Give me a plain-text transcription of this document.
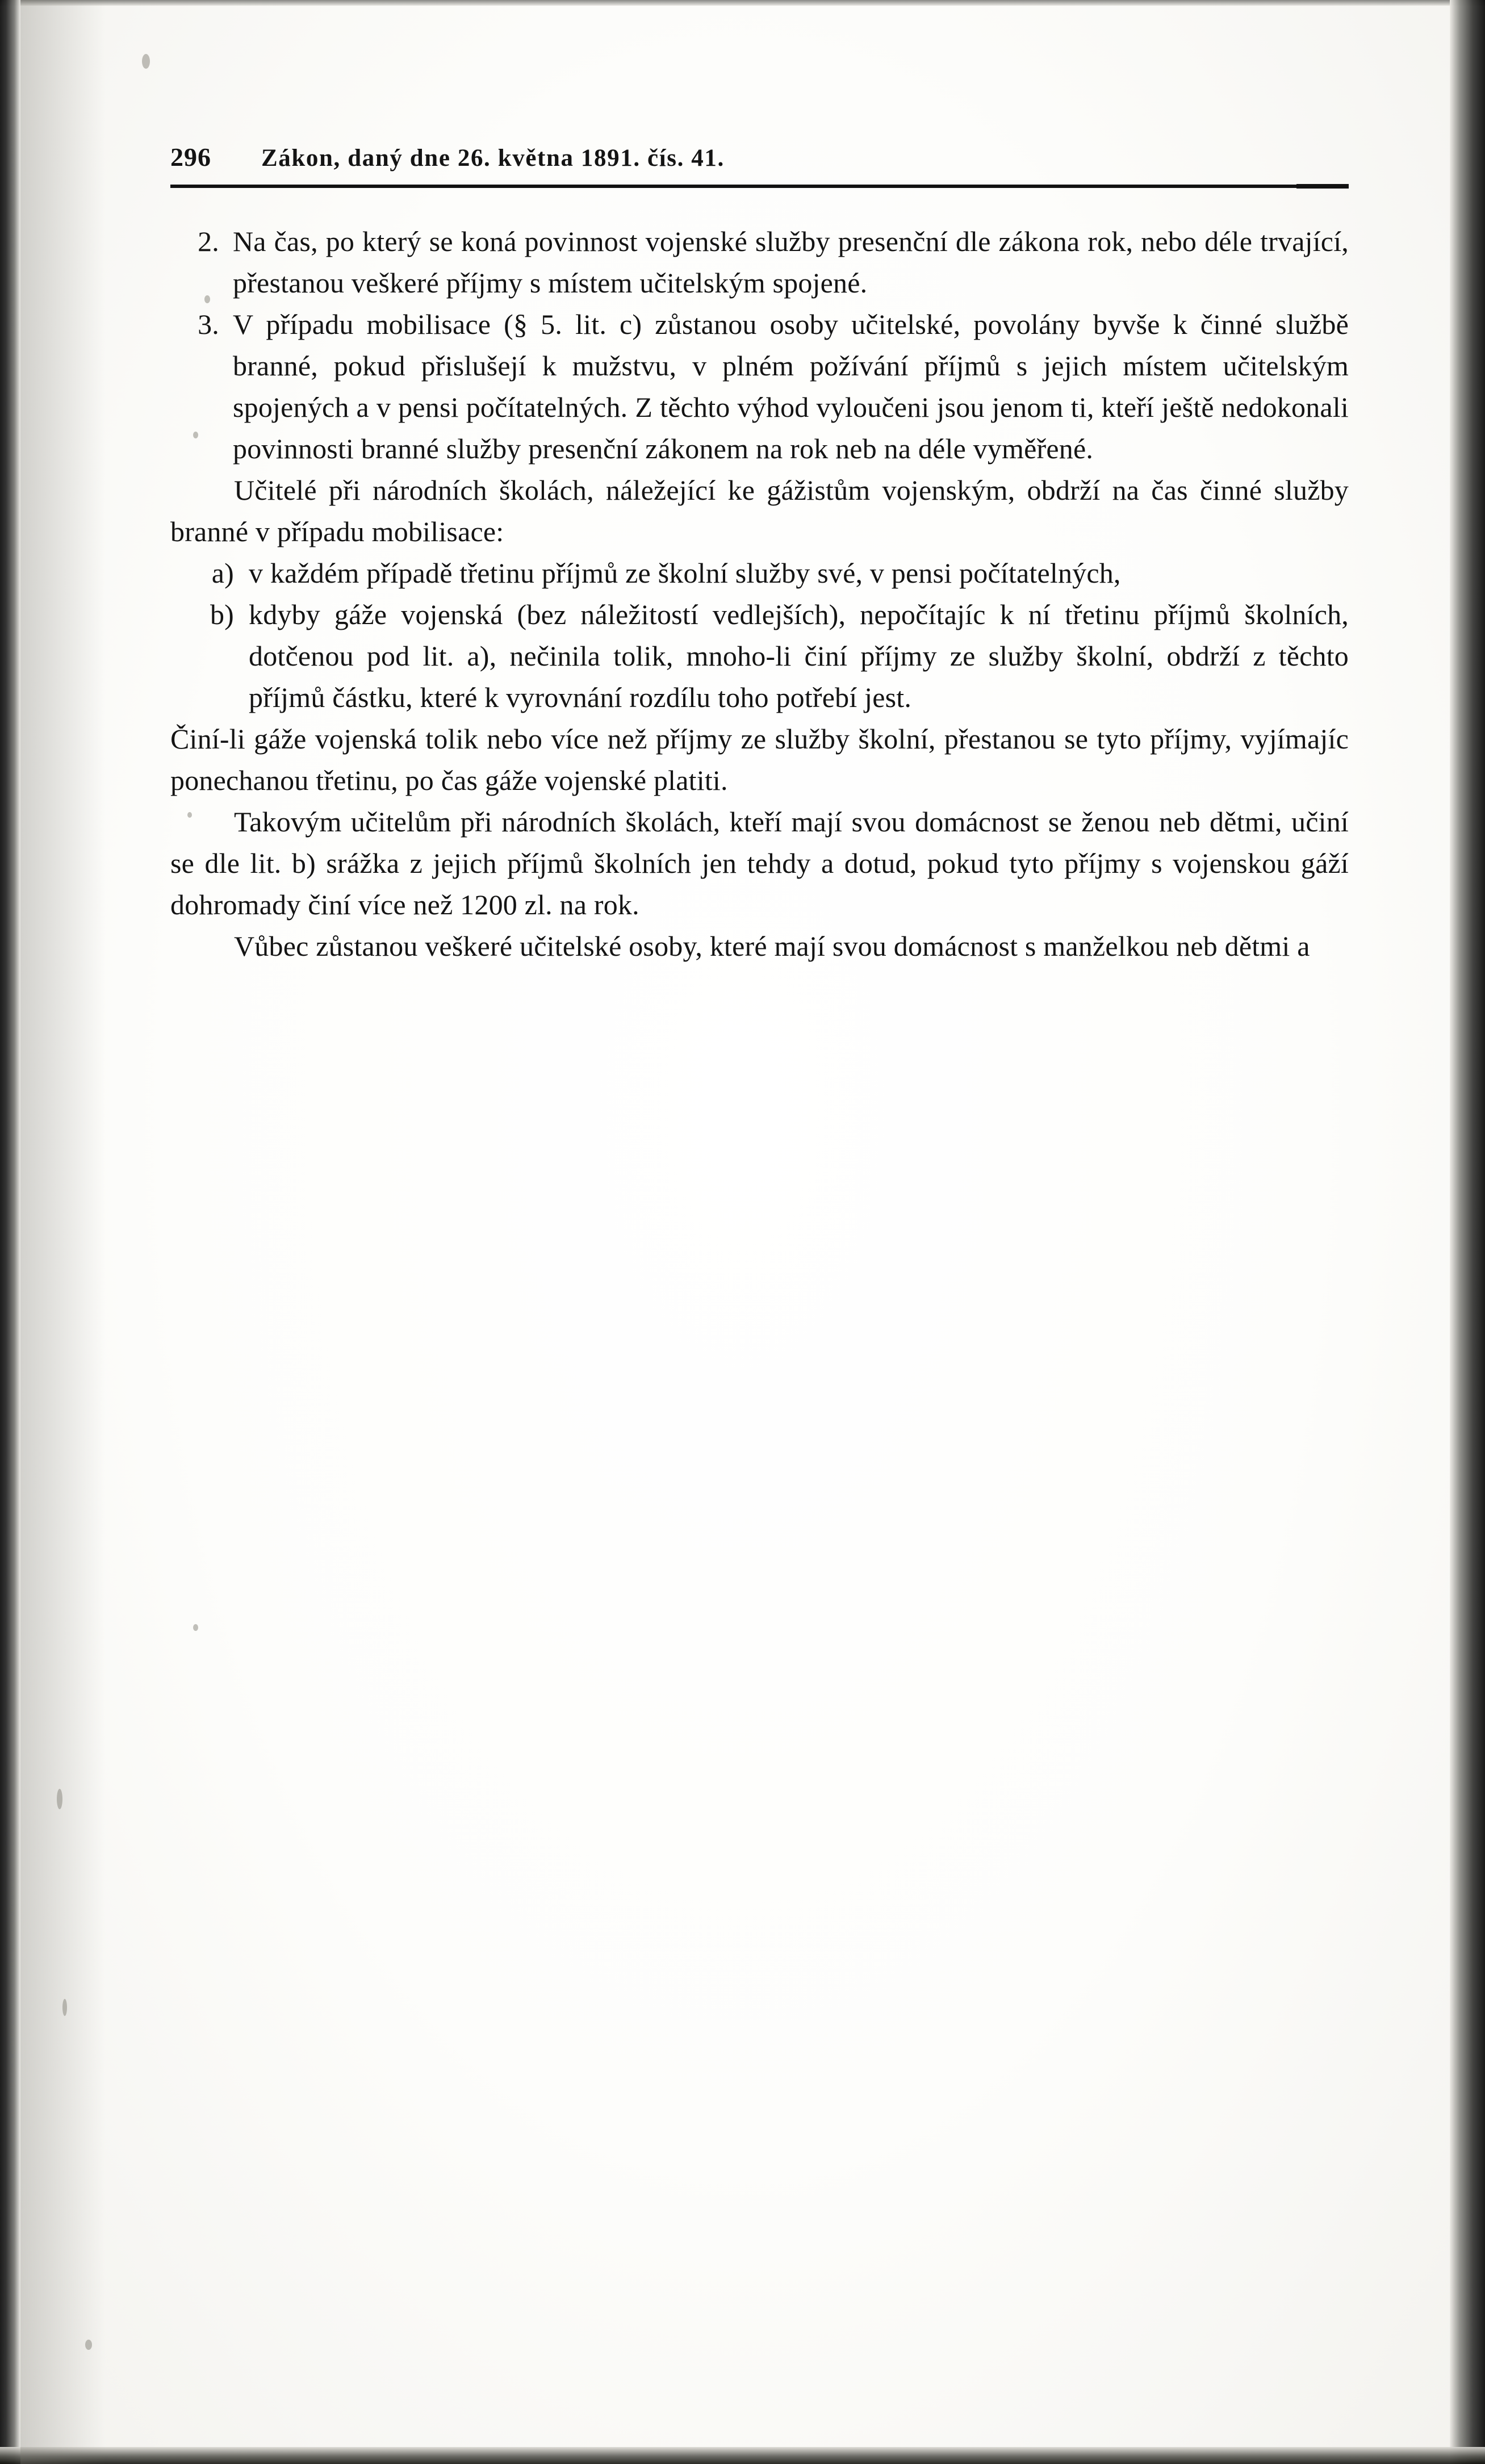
296	Zákon, daný dne 26. května 1891. čís. 41.
2. Na čas, po který se koná povinnost vojenské služby presenční dle zákona rok, nebo déle trvající, přestanou veškeré příjmy s místem učitelským spojené.
3. V případu mobilisace (§ 5. lit. c) zůstanou osoby učitelské, povolány byvše k činné službě branné, pokud přislušejí k mužstvu, v plném požívání příjmů s jejich místem učitelským spojených a v pensi počítatelných. Z těchto výhod vyloučeni jsou jenom ti, kteří ještě nedokonali povinnosti branné služby presenční zákonem na rok neb na déle vyměřené.

Učitelé při národních školách, náležející ke gážistům vojenským, obdrží na čas činné služby branné v případu mobilisace:

a) v každém případě třetinu příjmů ze školní služby své, v pensi počítatelných,
b) kdyby gáže vojenská (bez náležitostí vedlejších), nepočítajíc k ní třetinu příjmů školních, dotčenou pod lit. a), nečinila tolik, mnoho-li činí příjmy ze služby školní, obdrží z těchto příjmů částku, které k vyrovnání rozdílu toho potřebí jest.

Činí-li gáže vojenská tolik nebo více než příjmy ze služby školní, přestanou se tyto příjmy, vyjímajíc ponechanou třetinu, po čas gáže vojenské platiti.

Takovým učitelům při národních školách, kteří mají svou domácnost se ženou neb dětmi, učiní se dle lit. b) srážka z jejich příjmů školních jen tehdy a dotud, pokud tyto příjmy s vojenskou gáží dohromady činí více než 1200 zl. na rok.

Vůbec zůstanou veškeré učitelské osoby, které mají svou domácnost s manželkou neb dětmi a
